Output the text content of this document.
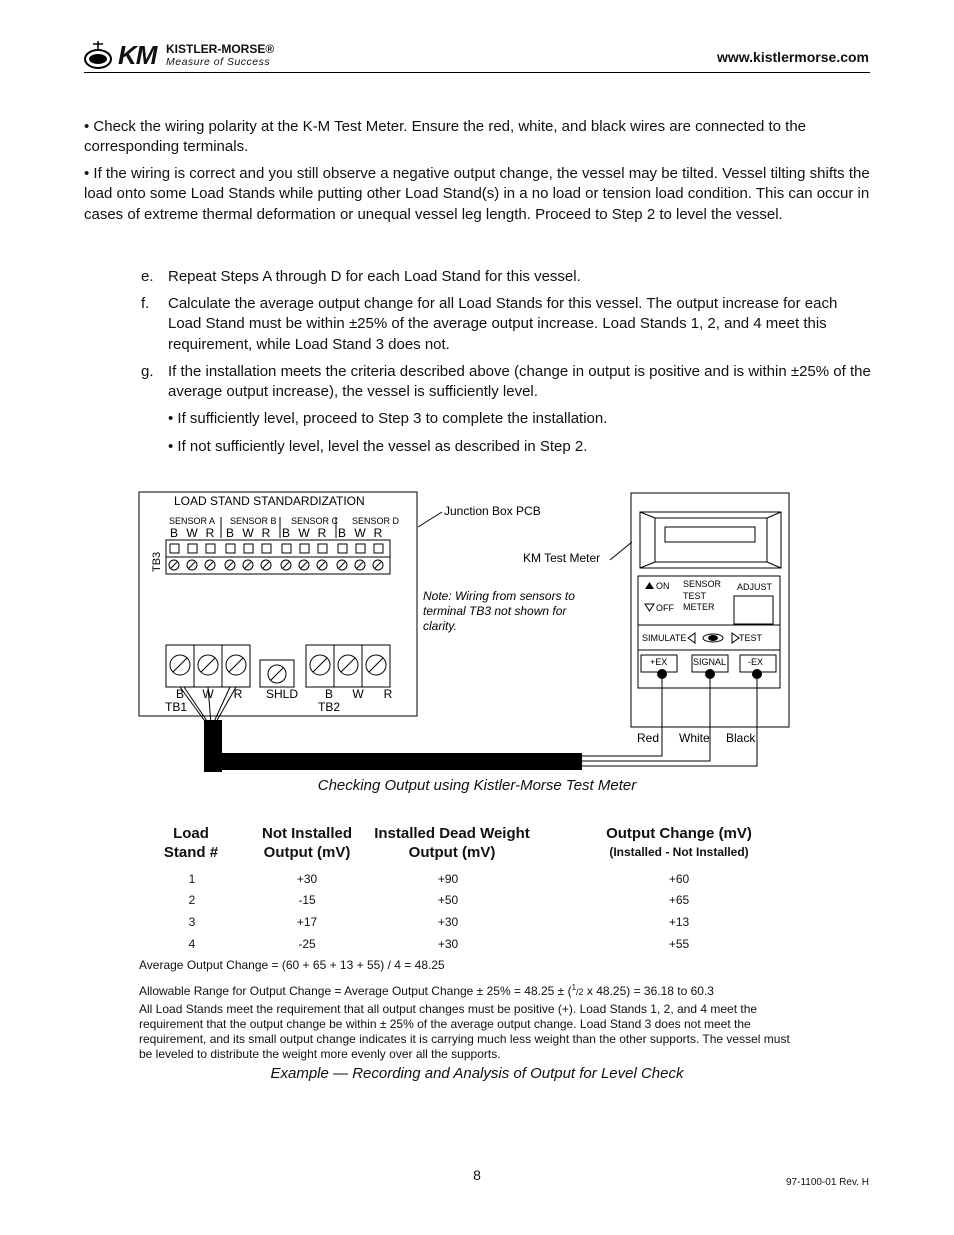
KM KISTLER-MORSE®
Measure of Success	www.kistlermorse.com
• Check the wiring polarity at the K-M Test Meter. Ensure the red, white, and black wires are connected to the corresponding terminals.
• If the wiring is correct and you still observe a negative output change, the vessel may be tilted. Vessel tilting shifts the load onto some Load Stands while putting other Load Stand(s) in a no load or tension load condition. This can occur in cases of extreme thermal deformation or unequal vessel leg length. Proceed to Step 2 to level the vessel.
e. Repeat Steps A through D for each Load Stand for this vessel.
f. Calculate the average output change for all Load Stands for this vessel. The output increase for each Load Stand must be within ±25% of the average output increase. Load Stands 1, 2, and 4 meet this requirement, while Load Stand 3 does not.
g. If the installation meets the criteria described above (change in output is positive and is within ±25% of the average output increase), the vessel is sufficiently level.
• If sufficiently level, proceed to Step 3 to complete the installation.
• If not sufficiently level, level the vessel as described in Step 2.
LOAD STAND STANDARDIZATION
SENSOR A SENSOR B SENSOR C SENSOR D
B W R B W R B W R B W R
TB3
B W R SHLD B W R
TB1	TB2
Junction Box PCB
KM Test Meter
Note: Wiring from sensors to
terminal TB3 not shown for
clarity.
ON
OFF
SENSOR
TEST
METER
ADJUST
SIMULATE	TEST
+EX	SIGNAL -EX
Red White Black
Checking Output using Kistler-Morse Test Meter
Load
Stand #
Not Installed
Output (mV)
Installed Dead Weight
Output (mV)
Output Change (mV)
(Installed - Not Installed)
1	+30	+90	+60
2	-15	+50	+65
3	+17	+30	+13
4	-25	+30	+55
Average Output Change = (60 + 65 + 13 + 55) / 4 = 48.25
Allowable Range for Output Change = Average Output Change ± 25% = 48.25 ± ($^1$/2 x 48.25) = 36.18 to 60.3
All Load Stands meet the requirement that all output changes must be positive (+). Load Stands 1, 2, and 4 meet the requirement that the output change be within ± 25% of the average output change. Load Stand 3 does not meet the requirement, and its small output change indicates it is carrying much less weight than the other supports. The vessel must be leveled to distribute the weight more evenly over all the supports.
Example — Recording and Analysis of Output for Level Check
8	97-1100-01 Rev. H
